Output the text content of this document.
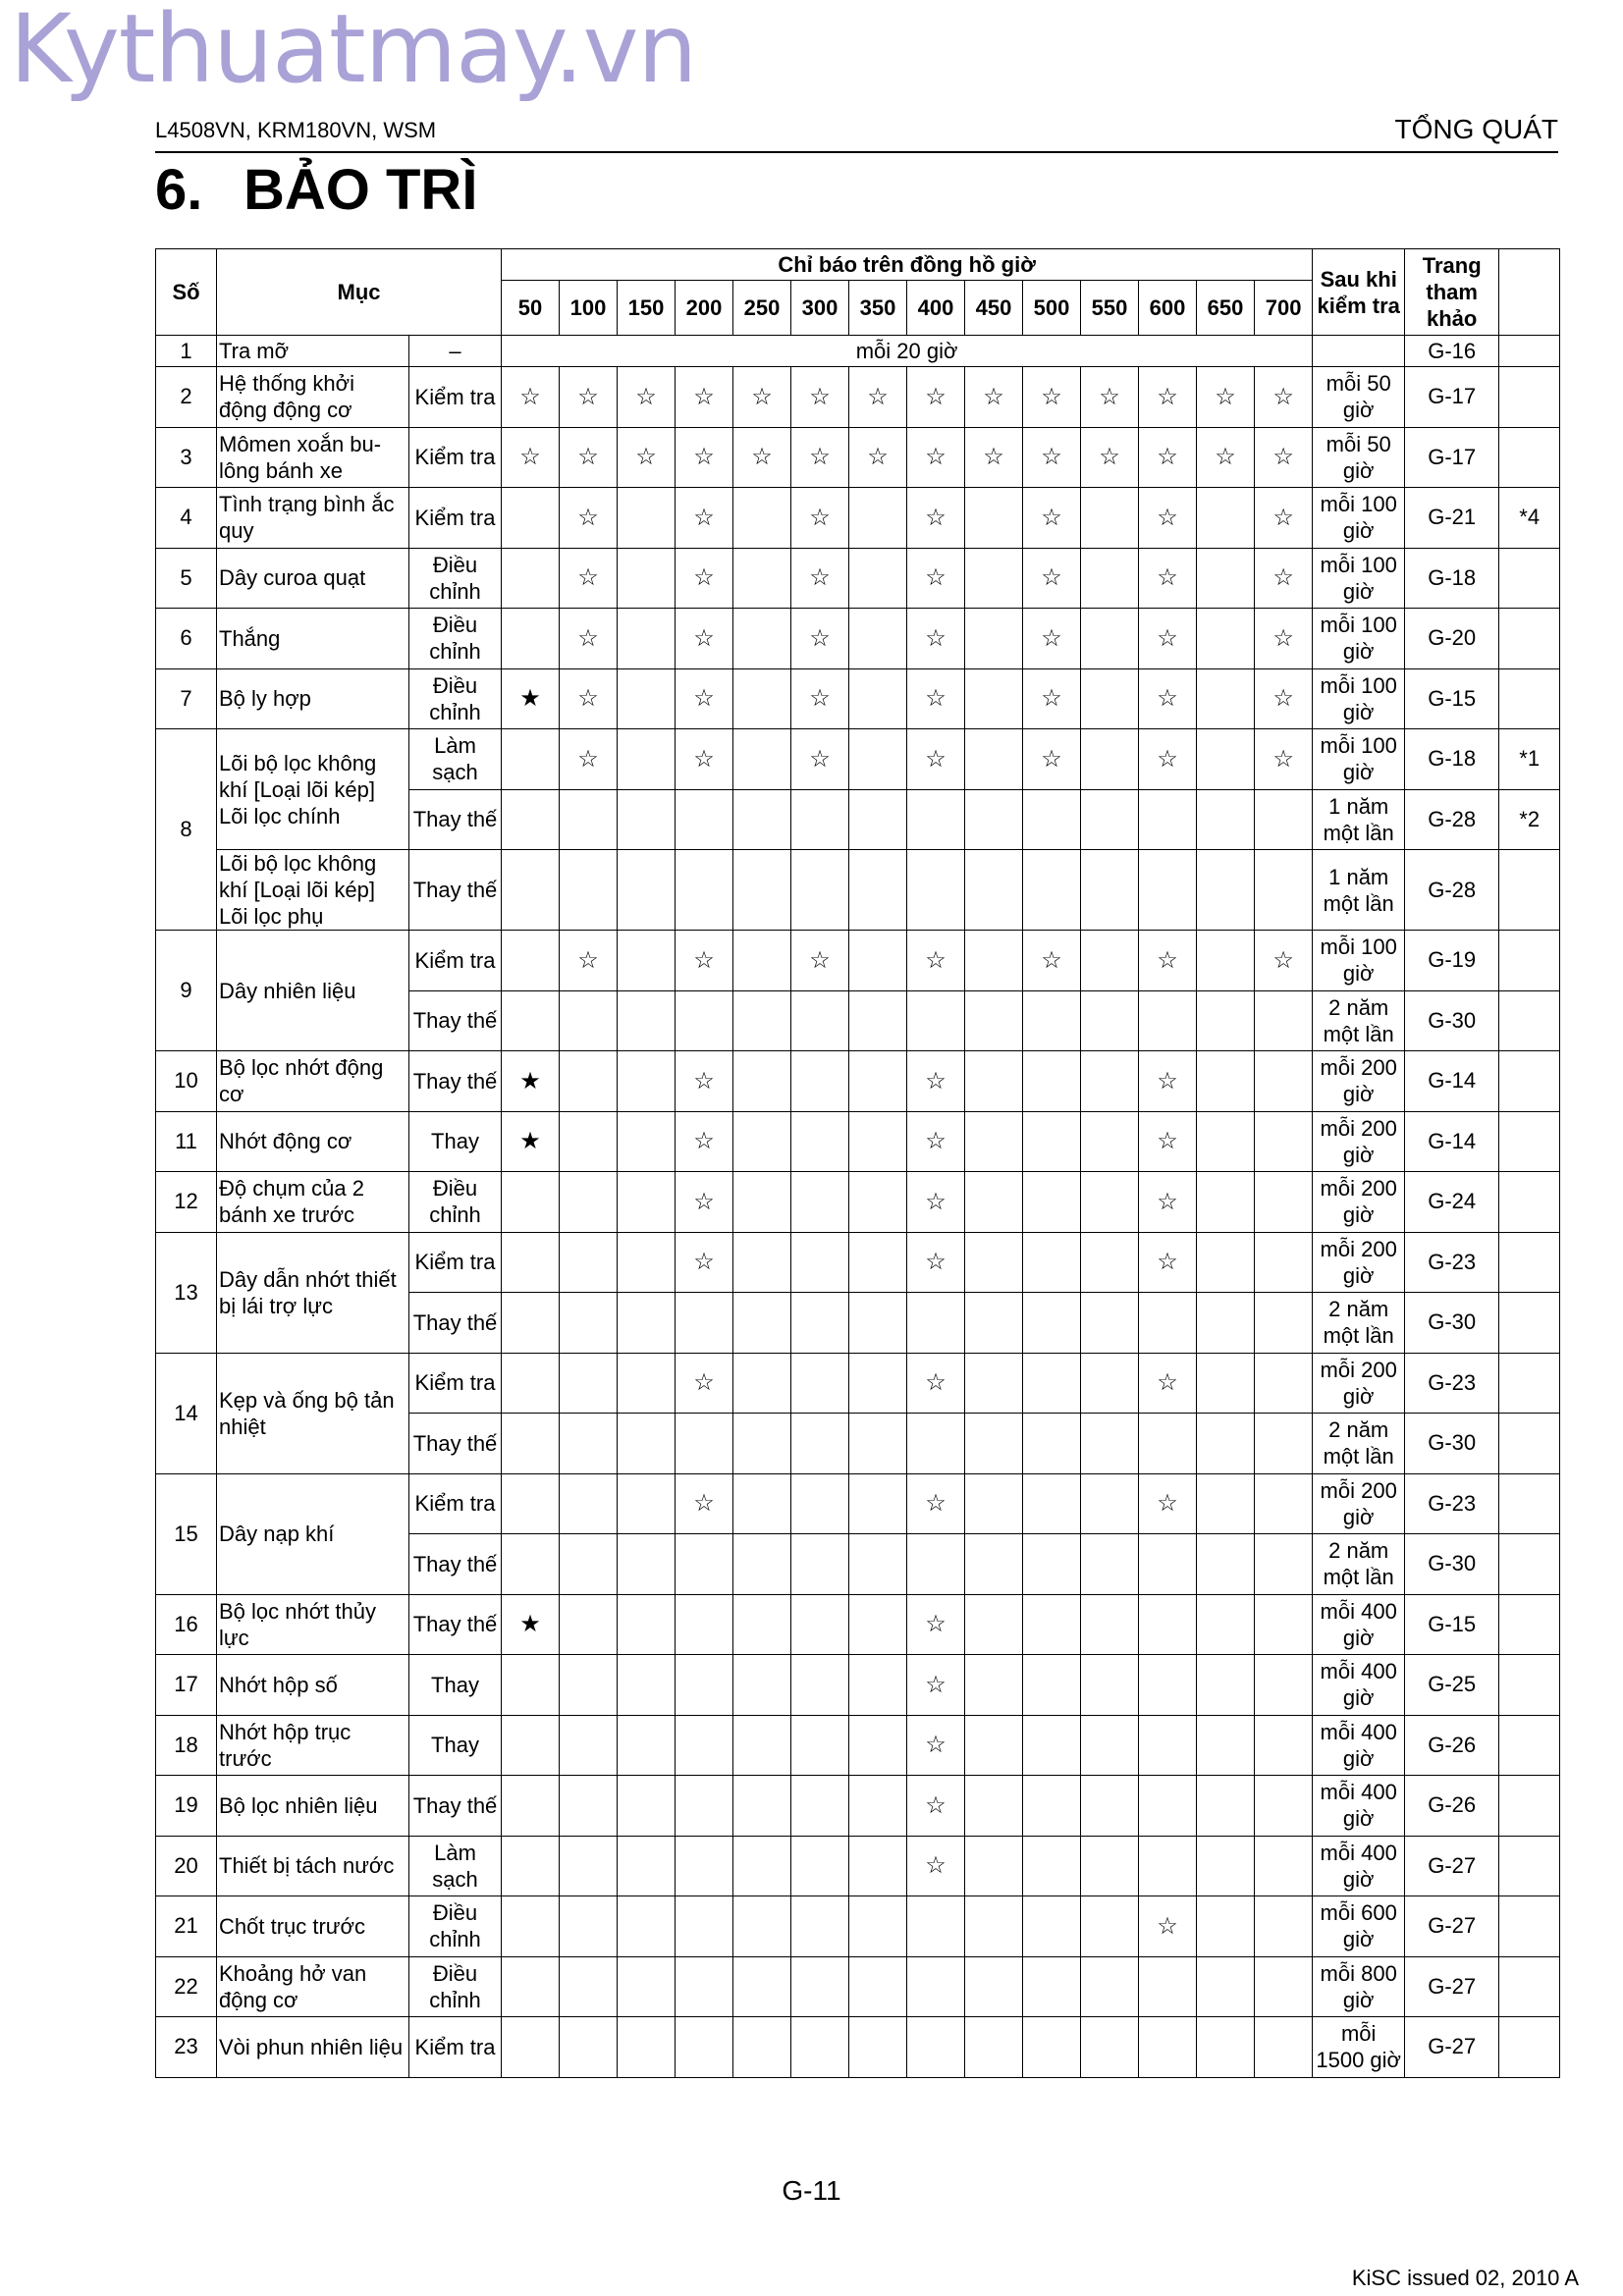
Kythuatmay.vn
L4508VN, KRM180VN, WSM	TỔNG QUÁT
6. BẢO TRÌ
Số	Mục		Chỉ báo trên đồng hồ giờ														Sau khi kiểm tra	Trang tham khảo	
			50	100	150	200	250	300	350	400	450	500	550	600	650	700			
1	Tra mỡ	–	mỗi 20 giờ															G-16	
2	Hệ thống khởi động động cơ	Kiểm tra	☆	☆	☆	☆	☆	☆	☆	☆	☆	☆	☆	☆	☆	☆	mỗi 50 giờ	G-17	
3	Mômen xoắn bu-lông bánh xe	Kiểm tra	☆	☆	☆	☆	☆	☆	☆	☆	☆	☆	☆	☆	☆	☆	mỗi 50 giờ	G-17	
4	Tình trạng bình ắc quy	Kiểm tra		☆		☆		☆		☆		☆		☆		☆	mỗi 100 giờ	G-21	*4
5	Dây curoa quạt	Điều chỉnh		☆		☆		☆		☆		☆		☆		☆	mỗi 100 giờ	G-18	
6	Thắng	Điều chỉnh		☆		☆		☆		☆		☆		☆		☆	mỗi 100 giờ	G-20	
7	Bộ ly hợp	Điều chỉnh	★	☆		☆		☆		☆		☆		☆		☆	mỗi 100 giờ	G-15	
8	Lõi bộ lọc không khí [Loại lõi kép] Lõi lọc chính	Làm sạch		☆		☆		☆		☆		☆		☆		☆	mỗi 100 giờ	G-18	*1
		Thay thế															1 năm một lần	G-28	*2
	Lõi bộ lọc không khí [Loại lõi kép] Lõi lọc phụ	Thay thế															1 năm một lần	G-28	
9	Dây nhiên liệu	Kiểm tra		☆		☆		☆		☆		☆		☆		☆	mỗi 100 giờ	G-19	
		Thay thế															2 năm một lần	G-30	
10	Bộ lọc nhớt động cơ	Thay thế	★			☆				☆				☆			mỗi 200 giờ	G-14	
11	Nhớt động cơ	Thay	★			☆				☆				☆			mỗi 200 giờ	G-14	
12	Độ chụm của 2 bánh xe trước	Điều chỉnh				☆				☆				☆			mỗi 200 giờ	G-24	
13	Dây dẫn nhớt thiết bị lái trợ lực	Kiểm tra				☆				☆				☆			mỗi 200 giờ	G-23	
		Thay thế															2 năm một lần	G-30	
14	Kẹp và ống bộ tản nhiệt	Kiểm tra				☆				☆				☆			mỗi 200 giờ	G-23	
		Thay thế															2 năm một lần	G-30	
15	Dây nạp khí	Kiểm tra				☆				☆				☆			mỗi 200 giờ	G-23	
		Thay thế															2 năm một lần	G-30	
16	Bộ lọc nhớt thủy lực	Thay thế	★							☆							mỗi 400 giờ	G-15	
17	Nhớt hộp số	Thay								☆							mỗi 400 giờ	G-25	
18	Nhớt hộp trục trước	Thay								☆							mỗi 400 giờ	G-26	
19	Bộ lọc nhiên liệu	Thay thế								☆							mỗi 400 giờ	G-26	
20	Thiết bị tách nước	Làm sạch								☆							mỗi 400 giờ	G-27	
21	Chốt trục trước	Điều chỉnh												☆			mỗi 600 giờ	G-27	
22	Khoảng hở van động cơ	Điều chỉnh															mỗi 800 giờ	G-27	
23	Vòi phun nhiên liệu	Kiểm tra															mỗi 1500 giờ	G-27	
G-11
KiSC issued 02, 2010 A
